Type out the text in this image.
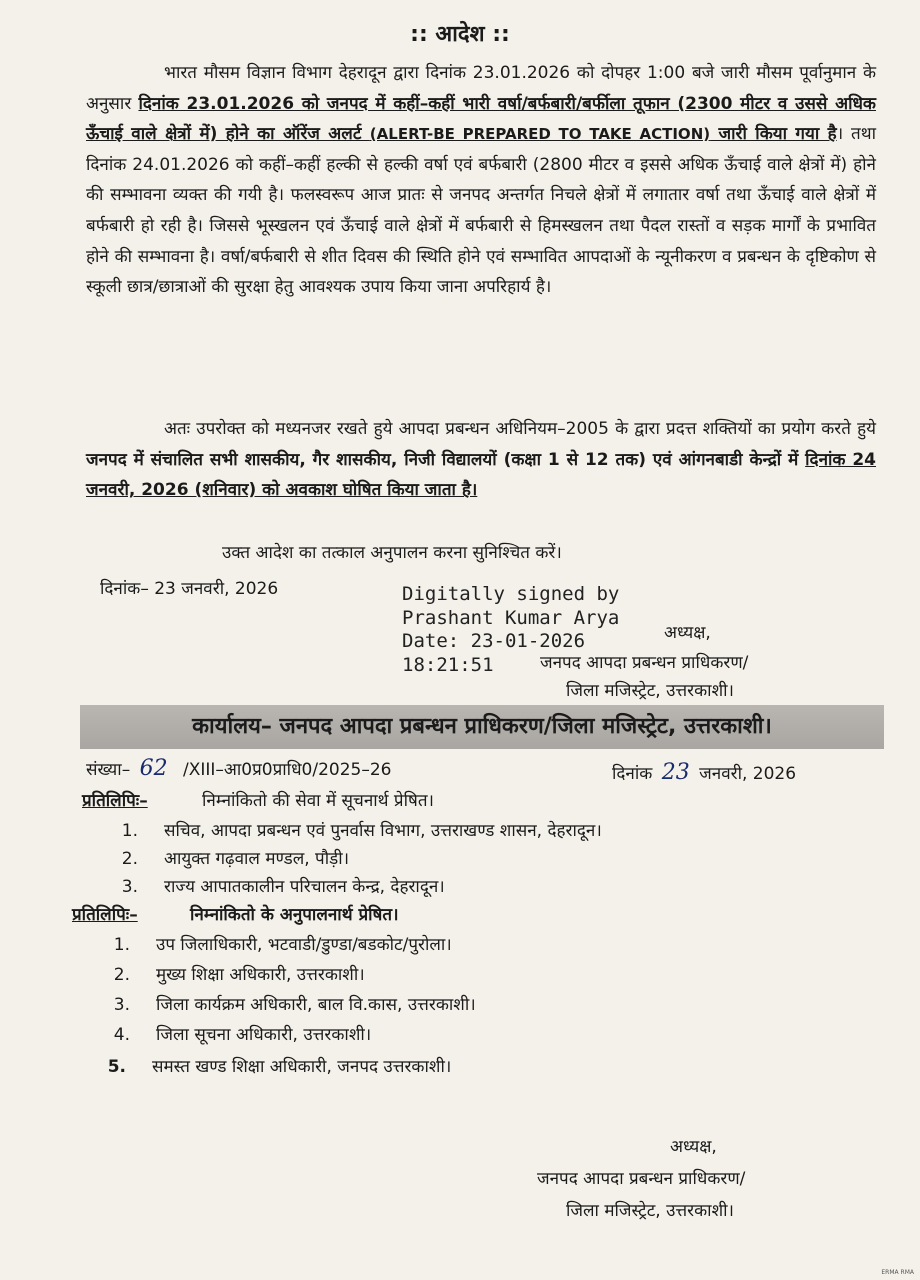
:: आदेश ::

भारत मौसम विज्ञान विभाग देहरादून द्वारा दिनांक 23.01.2026 को दोपहर 1:00 बजे जारी मौसम पूर्वानुमान के अनुसार दिनांक 23.01.2026 को जनपद में कहीं–कहीं भारी वर्षा/बर्फबारी/बर्फीला तूफान (2300 मीटर व उससे अधिक ऊँचाई वाले क्षेत्रों में) होने का ऑरेंज अलर्ट (ALERT-BE PREPARED TO TAKE ACTION) जारी किया गया है। तथा दिनांक 24.01.2026 को कहीं–कहीं हल्की से हल्की वर्षा एवं बर्फबारी (2800 मीटर व इससे अधिक ऊँचाई वाले क्षेत्रों में) होने की सम्भावना व्यक्त की गयी है। फलस्वरूप आज प्रातः से जनपद अन्तर्गत निचले क्षेत्रों में लगातार वर्षा तथा ऊँचाई वाले क्षेत्रों में बर्फबारी हो रही है। जिससे भूस्खलन एवं ऊँचाई वाले क्षेत्रों में बर्फबारी से हिमस्खलन तथा पैदल रास्तों व सड़क मार्गों के प्रभावित होने की सम्भावना है। वर्षा/बर्फबारी से शीत दिवस की स्थिति होने एवं सम्भावित आपदाओं के न्यूनीकरण व प्रबन्धन के दृष्टिकोण से स्कूली छात्र/छात्राओं की सुरक्षा हेतु आवश्यक उपाय किया जाना अपरिहार्य है।

अतः उपरोक्त को मध्यनजर रखते हुये आपदा प्रबन्धन अधिनियम–2005 के द्वारा प्रदत्त शक्तियों का प्रयोग करते हुये जनपद में संचालित सभी शासकीय, गैर शासकीय, निजी विद्यालयों (कक्षा 1 से 12 तक) एवं आंगनबाडी केन्द्रों में दिनांक 24 जनवरी, 2026 (शनिवार) को अवकाश घोषित किया जाता है।

उक्त आदेश का तत्काल अनुपालन करना सुनिश्चित करें।
दिनांक– 23 जनवरी, 2026	Digitally signed by
Prashant Kumar Arya
Date: 23-01-2026
18:21:51
अध्यक्ष,
जनपद आपदा प्रबन्धन प्राधिकरण/
जिला मजिस्ट्रेट, उत्तरकाशी।
कार्यालय– जनपद आपदा प्रबन्धन प्राधिकरण/जिला मजिस्ट्रेट, उत्तरकाशी।
संख्या– 62 /XIII–आ0प्र0प्राधि0/2025–26	दिनांक 23 जनवरी, 2026
प्रतिलिपिः–	निम्नांकितो की सेवा में सूचनार्थ प्रेषित।
1. सचिव, आपदा प्रबन्धन एवं पुनर्वास विभाग, उत्तराखण्ड शासन, देहरादून।
2. आयुक्त गढ़वाल मण्डल, पौड़ी।
3. राज्य आपातकालीन परिचालन केन्द्र, देहरादून।
प्रतिलिपिः–	निम्नांकितो के अनुपालनार्थ प्रेषित।
1. उप जिलाधिकारी, भटवाडी/डुण्डा/बडकोट/पुरोला।
2. मुख्य शिक्षा अधिकारी, उत्तरकाशी।
3. जिला कार्यक्रम अधिकारी, बाल वि.कास, उत्तरकाशी।
4. जिला सूचना अधिकारी, उत्तरकाशी।
5. समस्त खण्ड शिक्षा अधिकारी, जनपद उत्तरकाशी।
अध्यक्ष,
जनपद आपदा प्रबन्धन प्राधिकरण/
जिला मजिस्ट्रेट, उत्तरकाशी।
ERMA RMA
